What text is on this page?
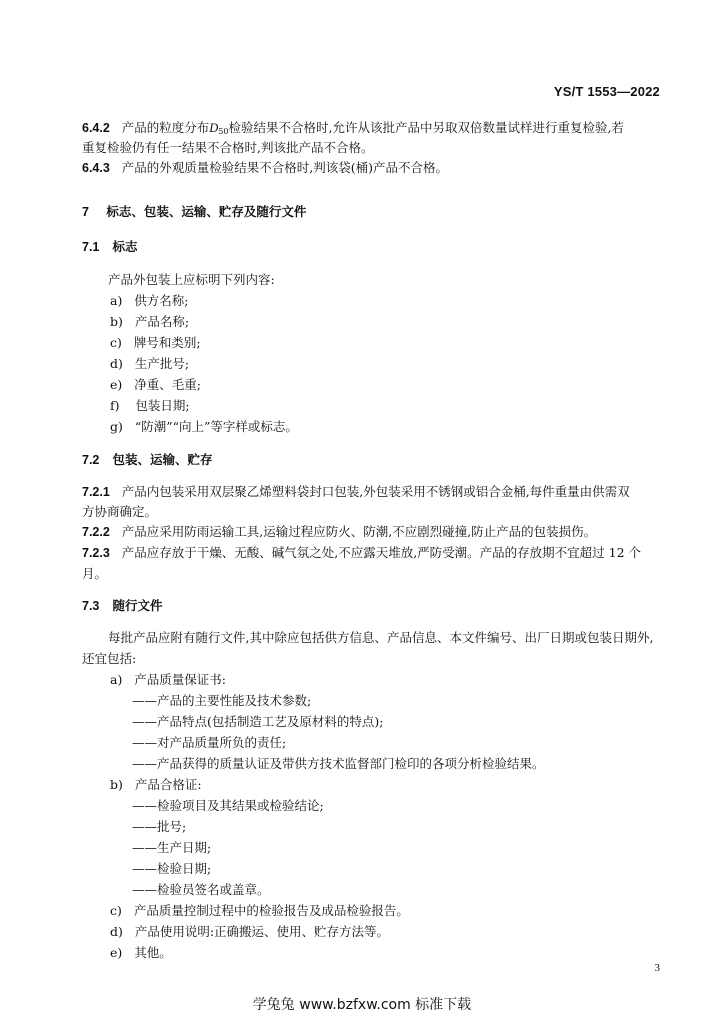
YS/T 1553—2022
6.4.2 产品的粒度分布$D_{50}$检验结果不合格时,允许从该批产品中另取双倍数量试样进行重复检验,若
重复检验仍有任一结果不合格时,判该批产品不合格。
6.4.3 产品的外观质量检验结果不合格时,判该袋(桶)产品不合格。
7 标志、包装、运输、贮存及随行文件
7.1 标志
产品外包装上应标明下列内容:
a) 供方名称;
b) 产品名称;
c) 牌号和类别;
d) 生产批号;
e) 净重、毛重;
f) 包装日期;
g) “防潮”“向上”等字样或标志。
7.2 包装、运输、贮存
7.2.1 产品内包装采用双层聚乙烯塑料袋封口包装,外包装采用不锈钢或铝合金桶,每件重量由供需双
方协商确定。
7.2.2 产品应采用防雨运输工具,运输过程应防火、防潮,不应剧烈碰撞,防止产品的包装损伤。
7.2.3 产品应存放于干燥、无酸、碱气氛之处,不应露天堆放,严防受潮。产品的存放期不宜超过 12 个
月。
7.3 随行文件
每批产品应附有随行文件,其中除应包括供方信息、产品信息、本文件编号、出厂日期或包装日期外,
还宜包括:
a) 产品质量保证书:
——产品的主要性能及技术参数;
——产品特点(包括制造工艺及原材料的特点);
——对产品质量所负的责任;
——产品获得的质量认证及带供方技术监督部门检印的各项分析检验结果。
b) 产品合格证:
——检验项目及其结果或检验结论;
——批号;
——生产日期;
——检验日期;
——检验员签名或盖章。
c) 产品质量控制过程中的检验报告及成品检验报告。
d) 产品使用说明:正确搬运、使用、贮存方法等。
e) 其他。
3
学兔兔 www.bzfxw.com 标准下载
